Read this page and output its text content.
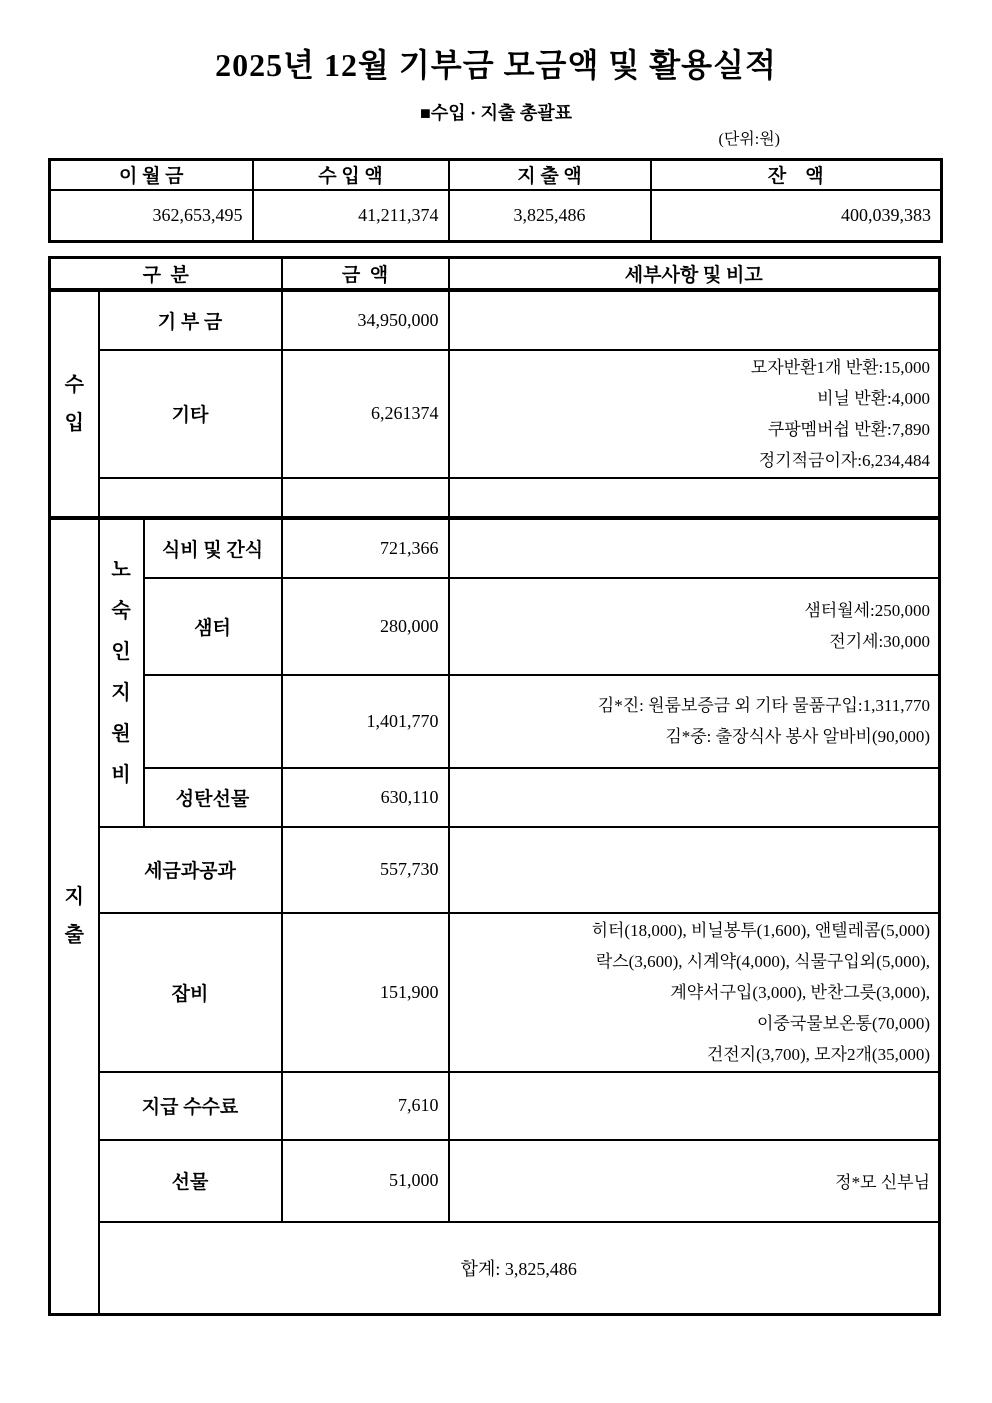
2025년 12월 기부금 모금액 및 활용실적
■수입 · 지출 총괄표
(단위:원)
이 월 금	수 입 액	지 출 액	잔    액
362,653,495	41,211,374	3,825,486	400,039,383
구  분			금  액	세부사항 및 비고

수
입	기 부 금		34,950,000	
	기타		6,261374	모자반환1개 반환:15,000
비닐 반환:4,000
쿠팡멤버쉽 반환:7,890
정기적금이자:6,234,484

지
출

노
숙
인
지
원
비
	식비 및 간식	721,366	
		샘터	280,000	샘터월세:250,000
전기세:30,000

			1,401,770	김*진: 원룸보증금 외 기타 물품구입:1,311,770
김*중: 출장식사 봉사 알바비(90,000)

		성탄선물	630,110	
	세금과공과		557,730	
	잡비		151,900	히터(18,000), 비닐봉투(1,600), 앤텔레콤(5,000)
락스(3,600), 시계약(4,000), 식물구입외(5,000),
계약서구입(3,000), 반찬그릇(3,000),
이중국물보온통(70,000)
건전지(3,700), 모자2개(35,000)

	지급 수수료		7,610	
	선물		51,000	정*모 신부님
	합계: 3,825,486			
